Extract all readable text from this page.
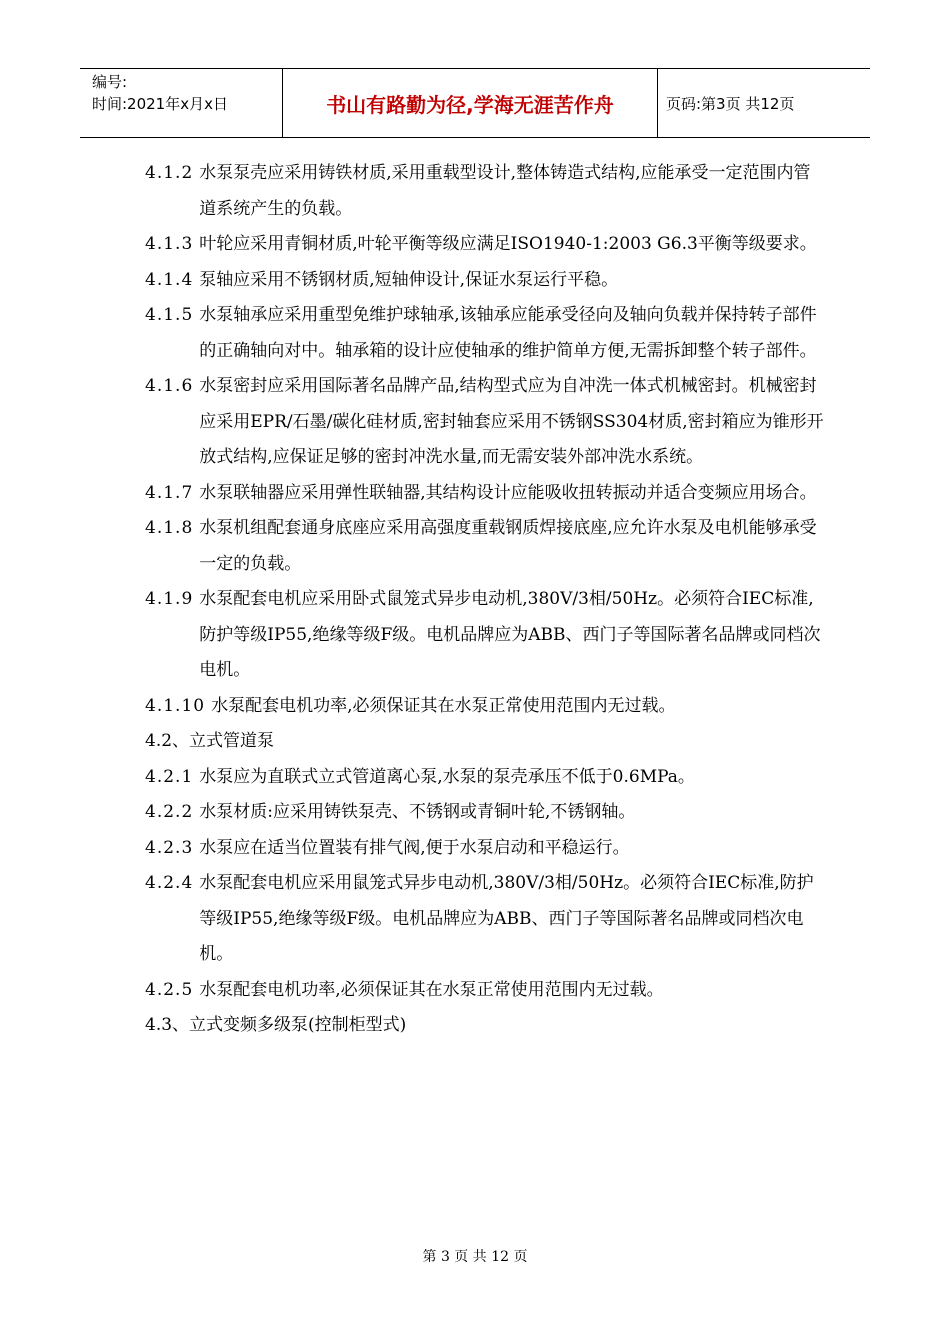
编号:
时间:2021年x月x日	书山有路勤为径,学海无涯苦作舟	页码:第3页 共12页
4.1.2 水泵泵壳应采用铸铁材质,采用重载型设计,整体铸造式结构,应能承受一定范围内管道系统产生的负载。
4.1.3 叶轮应采用青铜材质,叶轮平衡等级应满足ISO1940-1:2003 G6.3平衡等级要求。
4.1.4 泵轴应采用不锈钢材质,短轴伸设计,保证水泵运行平稳。
4.1.5 水泵轴承应采用重型免维护球轴承,该轴承应能承受径向及轴向负载并保持转子部件的正确轴向对中。轴承箱的设计应使轴承的维护简单方便,无需拆卸整个转子部件。
4.1.6 水泵密封应采用国际著名品牌产品,结构型式应为自冲洗一体式机械密封。机械密封应采用EPR/石墨/碳化硅材质,密封轴套应采用不锈钢SS304材质,密封箱应为锥形开放式结构,应保证足够的密封冲洗水量,而无需安装外部冲洗水系统。
4.1.7 水泵联轴器应采用弹性联轴器,其结构设计应能吸收扭转振动并适合变频应用场合。
4.1.8 水泵机组配套通身底座应采用高强度重载钢质焊接底座,应允许水泵及电机能够承受一定的负载。
4.1.9 水泵配套电机应采用卧式鼠笼式异步电动机,380V/3相/50Hz。必须符合IEC标准,防护等级IP55,绝缘等级F级。电机品牌应为ABB、西门子等国际著名品牌或同档次电机。
4.1.10 水泵配套电机功率,必须保证其在水泵正常使用范围内无过载。
4.2、立式管道泵
4.2.1 水泵应为直联式立式管道离心泵,水泵的泵壳承压不低于0.6MPa。
4.2.2 水泵材质:应采用铸铁泵壳、不锈钢或青铜叶轮,不锈钢轴。
4.2.3 水泵应在适当位置装有排气阀,便于水泵启动和平稳运行。
4.2.4 水泵配套电机应采用鼠笼式异步电动机,380V/3相/50Hz。必须符合IEC标准,防护等级IP55,绝缘等级F级。电机品牌应为ABB、西门子等国际著名品牌或同档次电机。
4.2.5 水泵配套电机功率,必须保证其在水泵正常使用范围内无过载。
4.3、立式变频多级泵(控制柜型式)
第 3 页 共 12 页
